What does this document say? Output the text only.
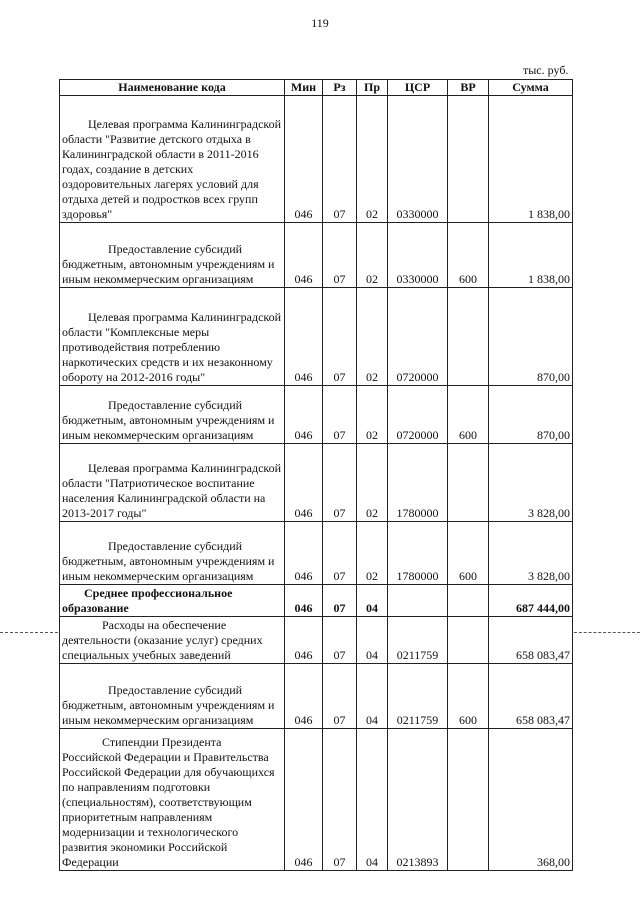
119
тыс. руб.
Наименование кода	Мин	Рз	Пр	ЦСР	ВР	Сумма
Целевая программа Калининградской области "Развитие детского отдыха в Калининградской области в 2011-2016 годах, создание в детских оздоровительных лагерях условий для отдыха детей и подростков всех групп здоровья"	046	07	02	0330000		1 838,00
Предоставление субсидий бюджетным, автономным учреждениям и иным некоммерческим организациям	046	07	02	0330000	600	1 838,00
Целевая программа Калининградской области "Комплексные меры противодействия потреблению наркотических средств и их незаконному обороту на 2012-2016 годы"	046	07	02	0720000		870,00
Предоставление субсидий бюджетным, автономным учреждениям и иным некоммерческим организациям	046	07	02	0720000	600	870,00
Целевая программа Калининградской области "Патриотическое воспитание населения Калининградской области на 2013-2017 годы"	046	07	02	1780000		3 828,00
Предоставление субсидий бюджетным, автономным учреждениям и иным некоммерческим организациям	046	07	02	1780000	600	3 828,00
Среднее профессиональное образование	046	07	04			687 444,00
Расходы на обеспечение деятельности (оказание услуг) средних специальных учебных заведений	046	07	04	0211759		658 083,47
Предоставление субсидий бюджетным, автономным учреждениям и иным некоммерческим организациям	046	07	04	0211759	600	658 083,47
Стипендии Президента Российской Федерации и Правительства Российской Федерации для обучающихся по направлениям подготовки (специальностям), соответствующим приоритетным направлениям модернизации и технологического развития экономики Российской Федерации	046	07	04	0213893		368,00
